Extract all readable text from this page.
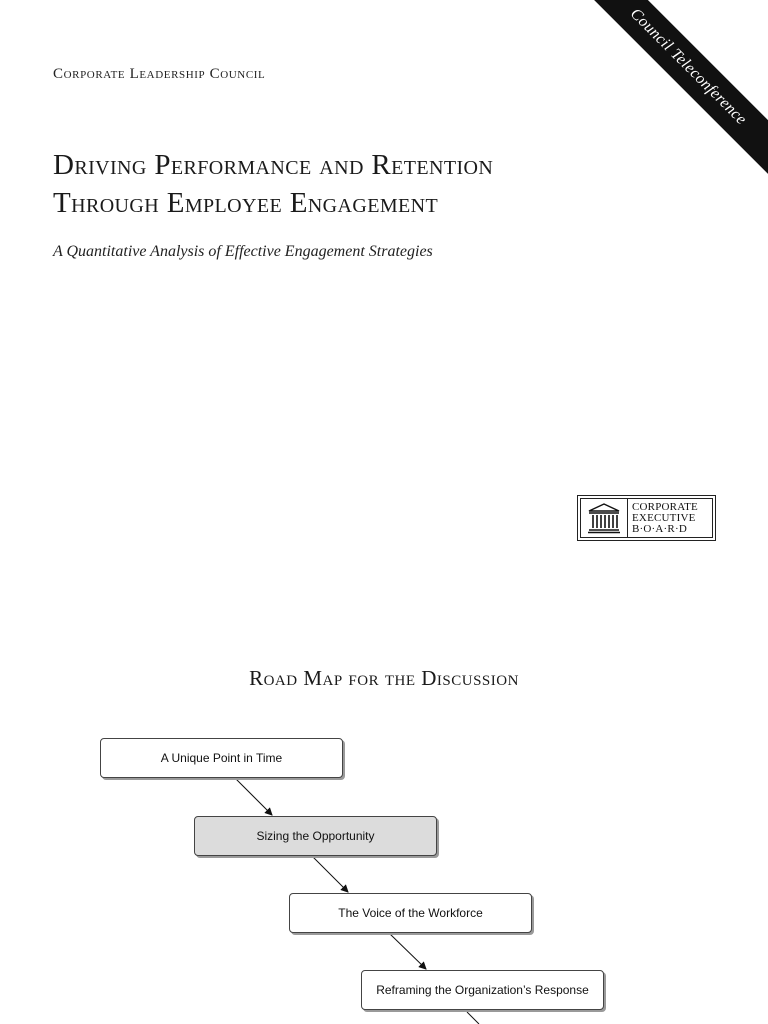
Council Teleconference
Corporate Leadership Council
Driving Performance and Retention
Through Employee Engagement
A Quantitative Analysis of Effective Engagement Strategies
CORPORATE
EXECUTIVE
B·O·A·R·D
Road Map for the Discussion
A Unique Point in Time
Sizing the Opportunity
The Voice of the Workforce
Reframing the Organization’s Response
